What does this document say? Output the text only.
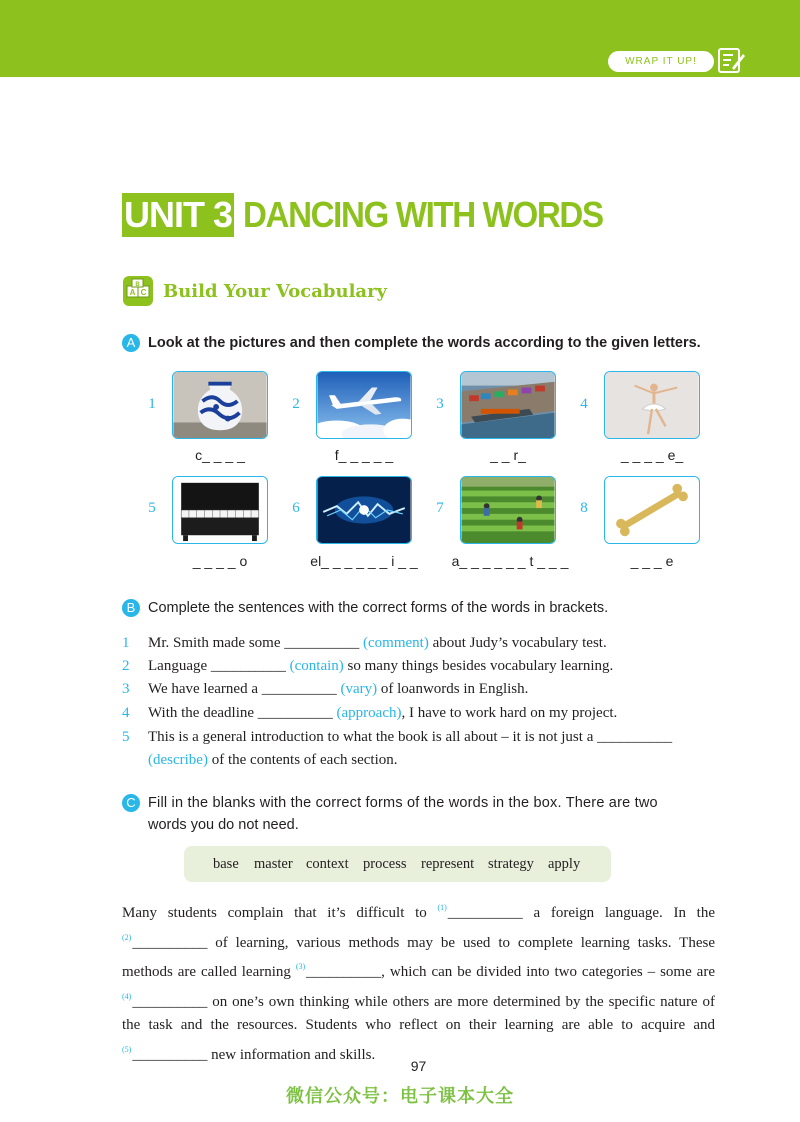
WRAP IT UP!
UNIT 3 DANCING WITH WORDS
A C
B Build Your Vocabulary
A Look at the pictures and then complete the words according to the given letters.
1
c_ _ _ _
2
f_ _ _ _ _
3
_ _ r_
4
_ _ _ _ e_
5
_ _ _ _ o
6
el_ _ _ _ _ _ i _ _
7
a_ _ _ _ _ _ t _ _ _
8
_ _ _ e
B Complete the sentences with the correct forms of the words in brackets.
1	Mr. Smith made some __________ (comment) about Judy’s vocabulary test.
2	Language __________ (contain) so many things besides vocabulary learning.
3	We have learned a __________ (vary) of loanwords in English.
4	With the deadline __________ (approach), I have to work hard on my project.
5	This is a general introduction to what the book is all about – it is not just a __________
(describe) of the contents of each section.
C Fill in the blanks with the correct forms of the words in the box. There are two
words you do not need.
base master context process represent strategy apply
Many students complain that it’s difficult to $^{(1)}$__________ a foreign language. In the $^{(2)}$__________ of learning, various methods may be used to complete learning tasks. These methods are called learning $^{(3)}$__________, which can be divided into two categories – some are $^{(4)}$__________ on one’s own thinking while others are more determined by the specific nature of the task and the resources. Students who reflect on their learning are able to acquire and $^{(5)}$__________ new information and skills.
97
微信公众号：电子课本大全
